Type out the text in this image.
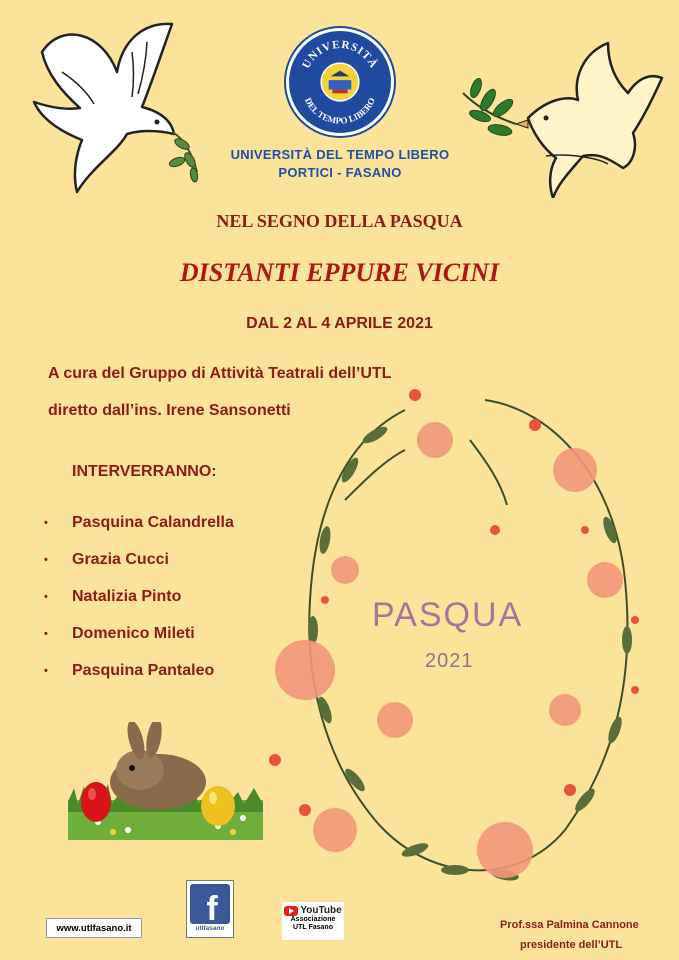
UNIVERSITÀ
DEL TEMPO LIBERO
UNIVERSITÀ DEL TEMPO LIBERO
PORTICI - FASANO
NEL SEGNO DELLA PASQUA
DISTANTI EPPURE VICINI
DAL 2 AL 4 APRILE 2021
PASQUA
2021
A cura del Gruppo di Attività Teatrali dell’UTL
diretto dall’ins. Irene Sansonetti
INTERVERRANNO:
•	Pasquina Calandrella
•	Grazia Cucci
•	Natalizia Pinto
•	Domenico Mileti
•	Pasquina Pantaleo
www.utlfasano.it	f
utlfasano
YouTube
Associazione
UTL Fasano	Prof.ssa Palmina Cannone
presidente dell’UTL
